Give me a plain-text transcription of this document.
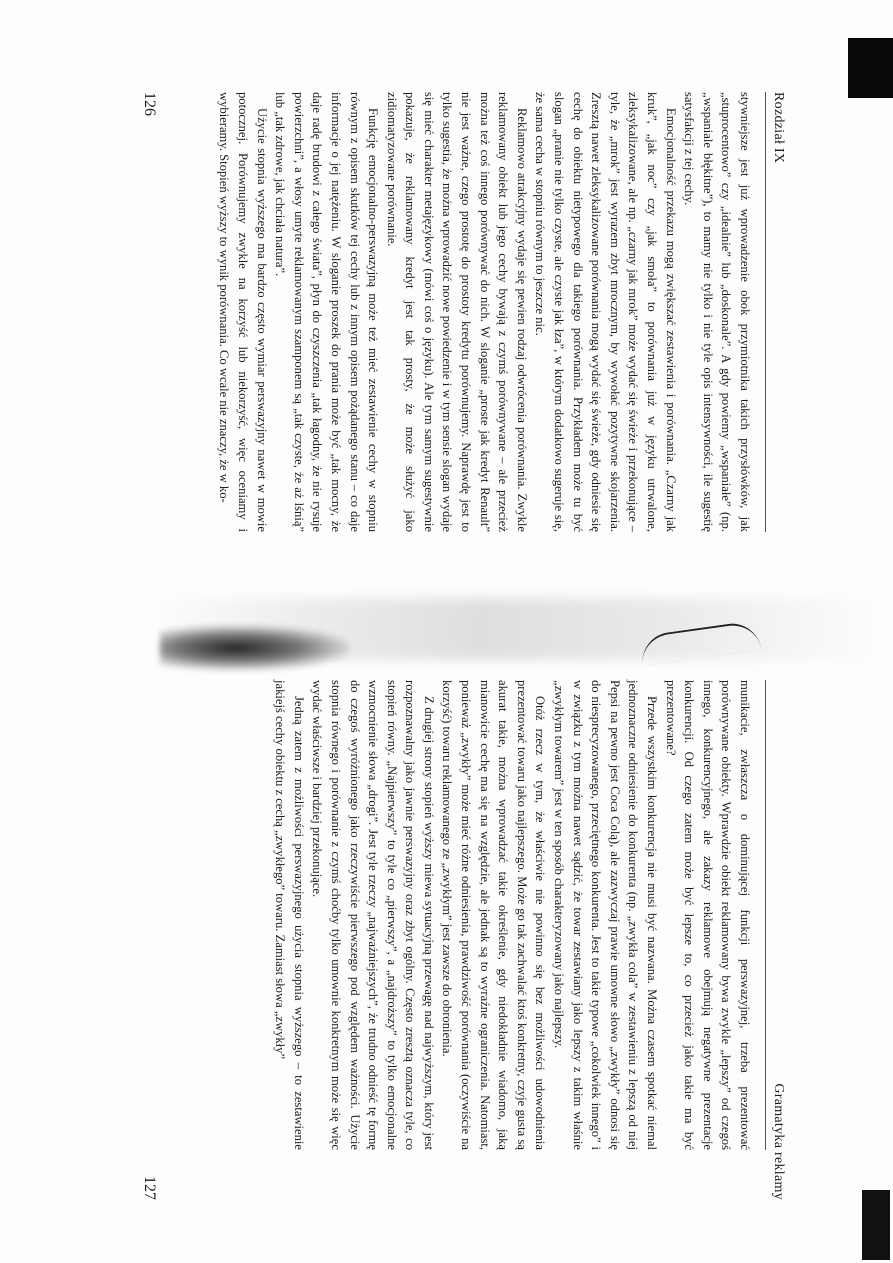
Rozdział IX

stywniejsze jest już wprowadzenie obok przymiotnika takich przysłówków, jak „stuprocentowo” czy „idealnie” lub „doskonale”. A gdy powiemy „wspaniałe” (np. „wspaniale błękitne”), to mamy nie tylko i nie tyle opis intensywności, ile sugestię satysfakcji z tej cechy.

Emocjonalność przekazu mogą zwiększać zestawienia i porównania. „Czarny jak kruk”, „jak noc” czy „jak smoła” to porównania już w języku utrwalone, zleksykalizowane, ale np. „czarny jak mrok” może wydać się świeże i przekonujące – tyle, że „mrok” jest wyrazem zbyt mrocznym, by wywołać pozytywne skojarzenia. Zresztą nawet zleksykalizowane porównania mogą wydać się świeże, gdy odniesie się cechę do obiektu nietypowego dla takiego porównania. Przykładem może tu być slogan „pranie nie tylko czyste, ale czyste jak łza”, w którym dodatkowo sugeruje się, że sama cecha w stopniu równym to jeszcze nic.

Reklamowo atrakcyjny wydaje się pewien rodzaj odwrócenia porównania. Zwykle reklamowany obiekt lub jego cechy bywają z czymś porównywane – ale przecież można też coś innego porównywać do nich. W sloganie „proste jak kredyt Renault” nie jest ważne, czego prostotę do prostoty kredytu porównujemy. Naprawdę jest to tylko sugestia, że można wprowadzić nowe powiedzenie i w tym sensie slogan wydaje się mieć charakter metajęzykowy (mówi coś o języku). Ale tym samym sugestywnie pokazuje, że reklamowany kredyt jest tak prosty, że może służyć jako zidiomatyzowane porównanie.

Funkcję emocjonalno-perswazyjną może też mieć zestawienie cechy w stopniu równym z opisem skutków tej cechy lub z innym opisem pożądanego stanu – co daje informacje o jej natężeniu. W sloganie proszek do prania może być „tak mocny, że daje radę brudowi z całego świata”, płyn do czyszczenia „tak łagodny, że nie rysuje powierzchni”, a włosy umyte reklamowanym szamponem są „tak czyste, że aż lśnią” lub „tak zdrowe, jak chciała natura”.

Użycie stopnia wyższego ma bardzo często wymiar perswazyjny nawet w mowie potocznej. Porównujemy zwykle na korzyść lub niekorzyść, więc oceniamy i wybieramy. Stopień wyższy to wynik porównania. Co wcale nie znaczy, że w ko-

126
Gramatyka reklamy

munikacie, zwłaszcza o dominującej funkcji perswazyjnej, trzeba prezentować porównywane obiekty. Wprawdzie obiekt reklamowany bywa zwykle „lepszy” od czegoś innego, konkurencyjnego, ale zakazy reklamowe obejmują negatywne prezentacje konkurencji. Od czego zatem może być lepsze to, co przecież jako takie ma być prezentowane?

Przede wszystkim konkurencja nie musi być nazwana. Można czasem spotkać niemal jednoznaczne odniesienie do konkurenta (np. „zwykła cola” w zestawieniu z lepszą od niej Pepsi na pewno jest Coca Colą), ale zazwyczaj prawie umowne słowo „zwykły” odnosi się do niesprecyzowanego, przeciętnego konkurenta. Jest to takie typowe „cokolwiek innego” i w związku z tym można nawet sądzić, że towar zestawiany jako lepszy z takim właśnie „zwykłym towarem” jest w ten sposób charakteryzowany jako najlepszy.

Otóż rzecz w tym, że właściwie nie powinno się bez możliwości udowodnienia prezentować towaru jako najlepszego. Może go tak zachwalać ktoś konkretny, czyje gusta są akurat takie, można wprowadzać takie określenie, gdy niedokładnie wiadomo, jaką mianowicie cechę ma się na względzie, ale jednak są to wyraźne ograniczenia. Natomiast, ponieważ „zwykły” może mieć różne odniesienia, prawdziwość porównania (oczywiście na korzyść) towaru reklamowanego ze „zwykłym” jest zawsze do obronienia.

Z drugiej strony stopień wyższy miewa sytuacyjną przewagę nad najwyższym, który jest rozpoznawalny jako jawnie perswazyjny oraz zbyt ogólny. Często zresztą oznacza tyle, co stopień równy. „Najpierwszy” to tyle co „pierwszy”, a „najdroższy” to tylko emocjonalne wzmocnienie słowa „drogi”. Jest tyle rzeczy „najważniejszych”, że trudno odnieść tę formę do czegoś wyróżnionego jako rzeczywiście pierwszego pod względem ważności. Użycie stopnia równego i porównanie z czymś choćby tylko umownie konkretnym może się więc wydać właściwsze i bardziej przekonujące.

Jedną zatem z możliwości perswazyjnego użycia stopnia wyższego – to zestawienie jakiejś cechy obiektu z cechą „zwykłego” towaru. Zamiast słowa „zwykły”

127
